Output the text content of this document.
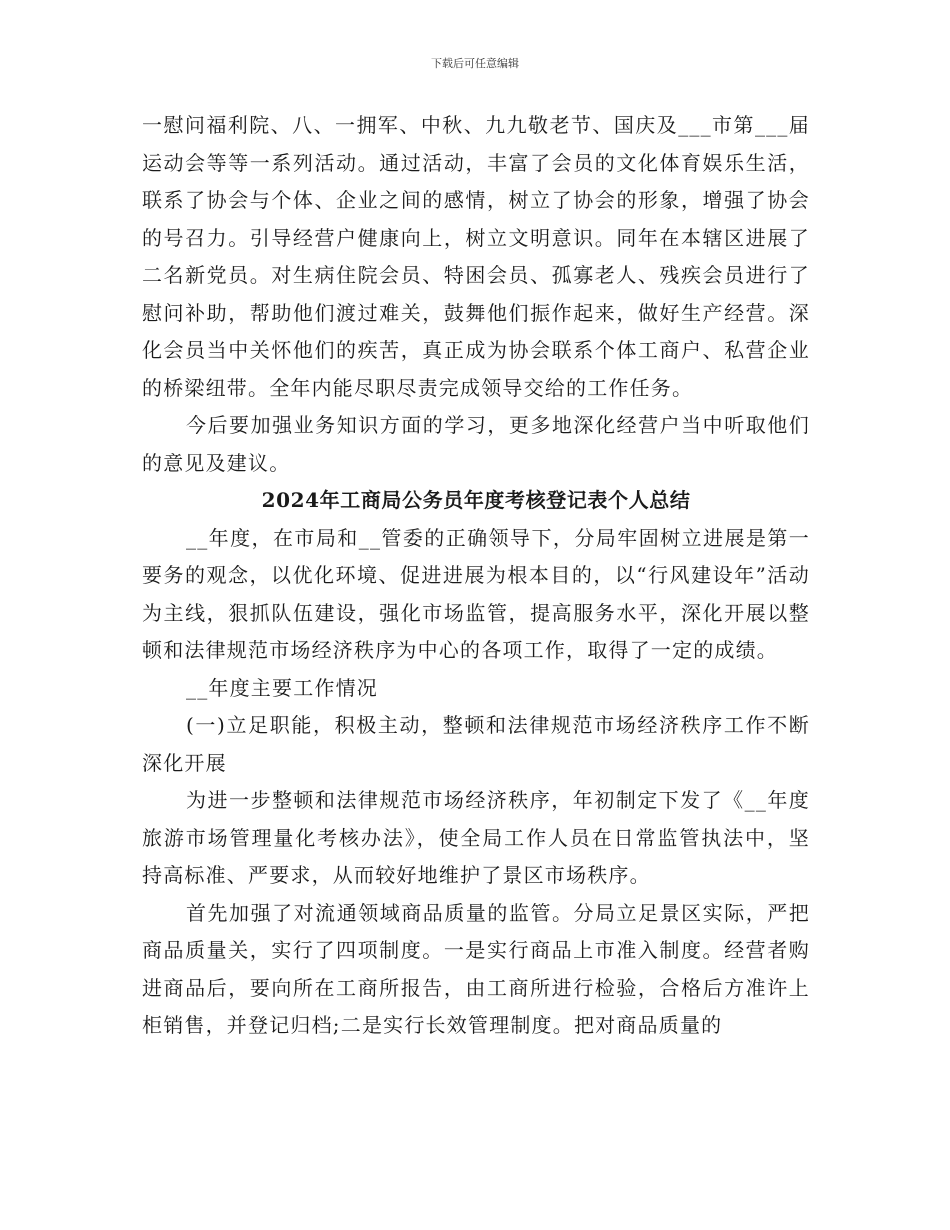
下载后可任意编辑

一慰问福利院、八、一拥军、中秋、九九敬老节、国庆及___市第___届运动会等等一系列活动。通过活动，丰富了会员的文化体育娱乐生活，联系了协会与个体、企业之间的感情，树立了协会的形象，增强了协会的号召力。引导经营户健康向上，树立文明意识。同年在本辖区进展了二名新党员。对生病住院会员、特困会员、孤寡老人、残疾会员进行了慰问补助，帮助他们渡过难关，鼓舞他们振作起来，做好生产经营。深化会员当中关怀他们的疾苦，真正成为协会联系个体工商户、私营企业的桥梁纽带。全年内能尽职尽责完成领导交给的工作任务。

今后要加强业务知识方面的学习，更多地深化经营户当中听取他们的意见及建议。

2024年工商局公务员年度考核登记表个人总结

__年度，在市局和__管委的正确领导下，分局牢固树立进展是第一要务的观念，以优化环境、促进进展为根本目的，以“行风建设年”活动为主线，狠抓队伍建设，强化市场监管，提高服务水平，深化开展以整顿和法律规范市场经济秩序为中心的各项工作，取得了一定的成绩。

__年度主要工作情况

(一)立足职能，积极主动，整顿和法律规范市场经济秩序工作不断深化开展

为进一步整顿和法律规范市场经济秩序，年初制定下发了《__年度旅游市场管理量化考核办法》，使全局工作人员在日常监管执法中，坚持高标准、严要求，从而较好地维护了景区市场秩序。

首先加强了对流通领域商品质量的监管。分局立足景区实际，严把商品质量关，实行了四项制度。一是实行商品上市准入制度。经营者购进商品后，要向所在工商所报告，由工商所进行检验，合格后方准许上柜销售，并登记归档;二是实行长效管理制度。把对商品质量的
